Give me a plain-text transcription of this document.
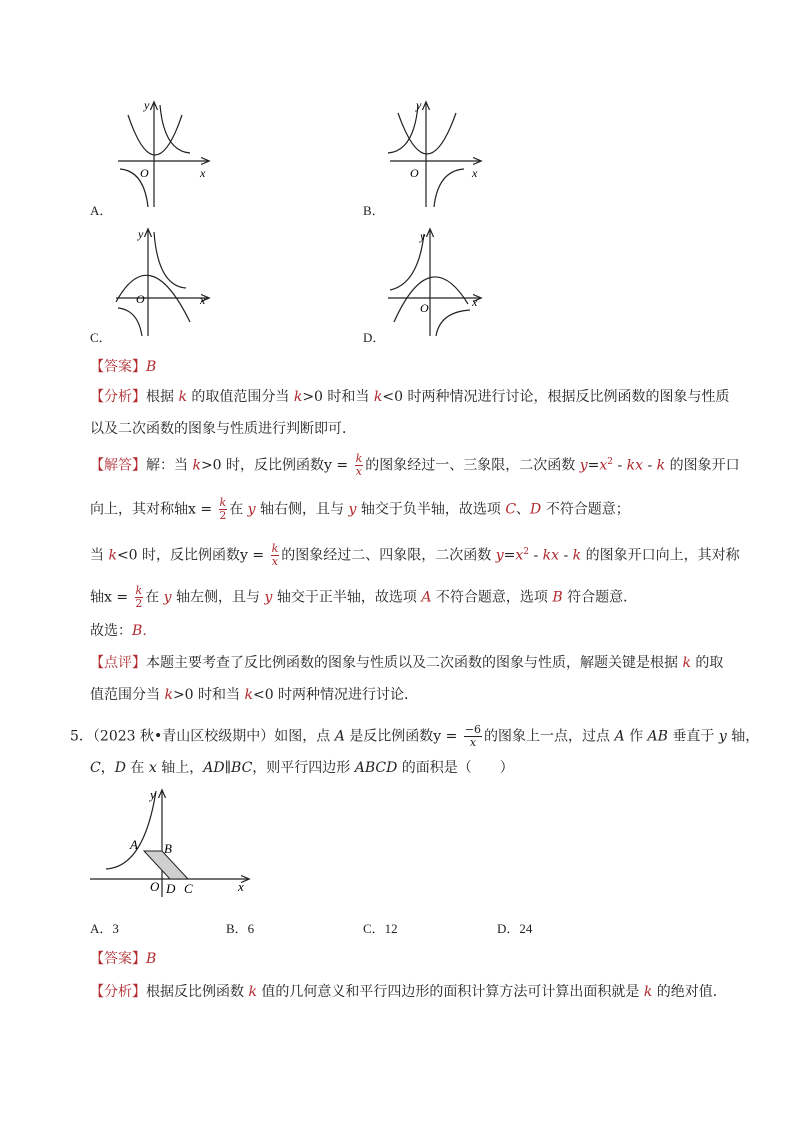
y
x
O
A．
y
x
O
B．
y
x
O
C．
y
x
O
D．
【答案】B
【分析】根据 k 的取值范围分当 k>0 时和当 k<0 时两种情况进行讨论，根据反比例函数的图象与性质
以及二次函数的图象与性质进行判断即可．
【解答】解：当 k>0 时，反比例函数$y = \frac{k}{x}$ 的图象经过一、三象限，二次函数 $y=x^2$ - kx - k 的图象开口
向上，其对称轴$x = \frac{k}{2}$ 在 y 轴右侧，且与 y 轴交于负半轴，故选项 C、D 不符合题意；
当 k<0 时，反比例函数$y = \frac{k}{x}$ 的图象经过二、四象限，二次函数 $y=x^2$ - kx - k 的图象开口向上，其对称
轴$x = \frac{k}{2}$ 在 y 轴左侧，且与 y 轴交于正半轴，故选项 A 不符合题意，选项 B 符合题意．
故选：B．
【点评】本题主要考查了反比例函数的图象与性质以及二次函数的图象与性质，解题关键是根据 k 的取
值范围分当 k>0 时和当 k<0 时两种情况进行讨论．
5．（2023 秋•青山区校级期中）如图，点 A 是反比例函数$y = \frac{-6}{x}$ 的图象上一点，过点 A 作 AB 垂直于 y 轴，
C，D 在 x 轴上，AD∥BC，则平行四边形 ABCD 的面积是（　　）
A B
C
D
O	x
y
A．3	B．6	C．12	D．24
【答案】B
【分析】根据反比例函数 k 值的几何意义和平行四边形的面积计算方法可计算出面积就是 k 的绝对值．
